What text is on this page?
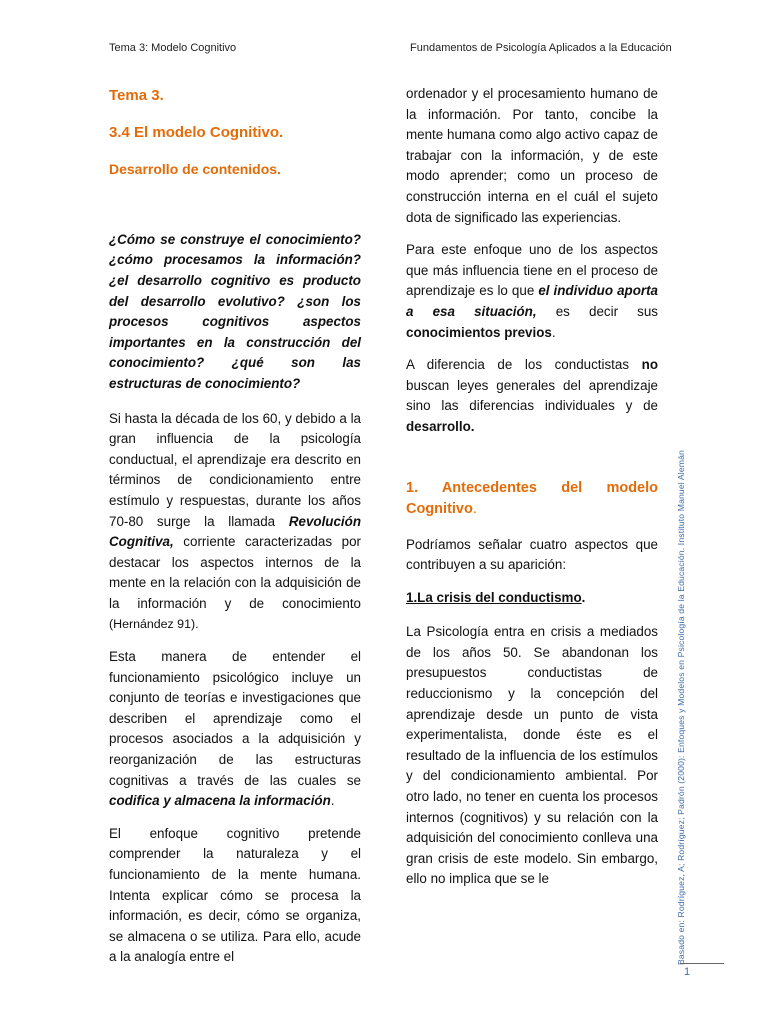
Tema 3: Modelo Cognitivo	Fundamentos de Psicología Aplicados a la Educación
Tema 3.
3.4 El modelo Cognitivo.
Desarrollo de contenidos.

¿Cómo se construye el conocimiento? ¿cómo procesamos la información? ¿el desarrollo cognitivo es producto del desarrollo evolutivo? ¿son los procesos cognitivos aspectos importantes en la construcción del conocimiento? ¿qué son las estructuras de conocimiento?

Si hasta la década de los 60, y debido a la gran influencia de la psicología conductual, el aprendizaje era descrito en términos de condicionamiento entre estímulo y respuestas, durante los años 70-80 surge la llamada Revolución Cognitiva, corriente caracterizadas por destacar los aspectos internos de la mente en la relación con la adquisición de la información y de conocimiento (Hernández 91).

Esta manera de entender el funcionamiento psicológico incluye un conjunto de teorías e investigaciones que describen el aprendizaje como el procesos asociados a la adquisición y reorganización de las estructuras cognitivas a través de las cuales se codifica y almacena la información.

El enfoque cognitivo pretende comprender la naturaleza y el funcionamiento de la mente humana. Intenta explicar cómo se procesa la información, es decir, cómo se organiza, se almacena o se utiliza. Para ello, acude a la analogía entre el

ordenador y el procesamiento humano de la información. Por tanto, concibe la mente humana como algo activo capaz de trabajar con la información, y de este modo aprender; como un proceso de construcción interna en el cuál el sujeto dota de significado las experiencias.

Para este enfoque uno de los aspectos que más influencia tiene en el proceso de aprendizaje es lo que el individuo aporta a esa situación, es decir sus conocimientos previos.

A diferencia de los conductistas no buscan leyes generales del aprendizaje sino las diferencias individuales y de desarrollo.

1. Antecedentes del modelo Cognitivo.

Podríamos señalar cuatro aspectos que contribuyen a su aparición:

1.La crisis del conductismo.

La Psicología entra en crisis a mediados de los años 50. Se abandonan los presupuestos conductistas de reduccionismo y la concepción del aprendizaje desde un punto de vista experimentalista, donde éste es el resultado de la influencia de los estímulos y del condicionamiento ambiental. Por otro lado, no tener en cuenta los procesos internos (cognitivos) y su relación con la adquisición del conocimiento conlleva una gran crisis de este modelo. Sin embargo, ello no implica que se le	Basado en: Rodríguez, A; Rodríguez; Padrón (2000): Enfoques y Modelos en Psicología de la Educación. Instituto Manuel Alemán
1
